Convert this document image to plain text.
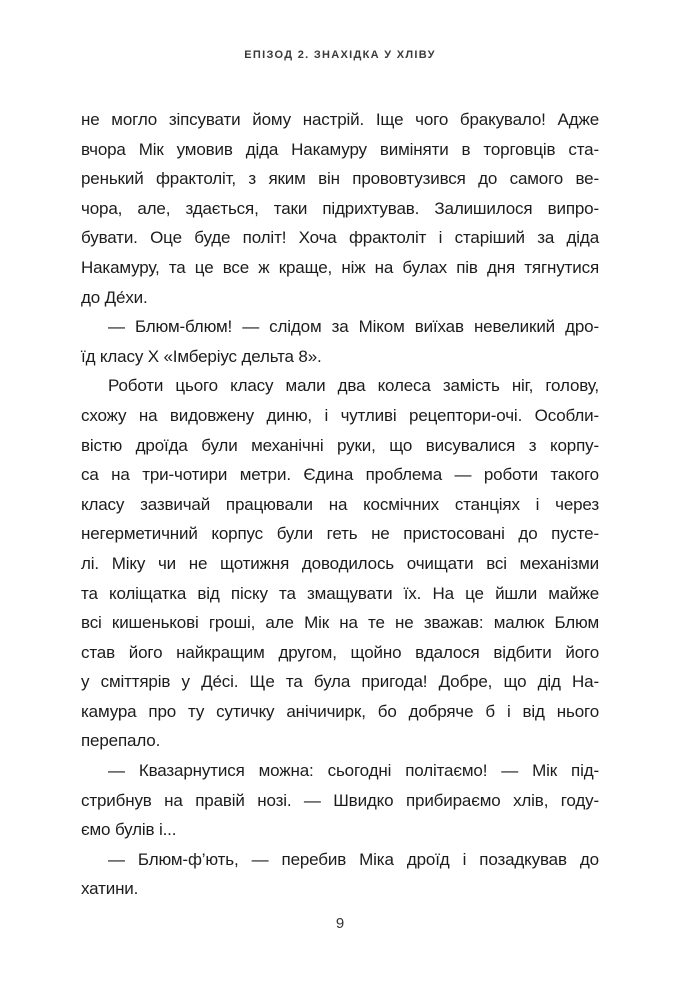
ЕПІЗОД 2. ЗНАХІДКА У ХЛІВУ
не могло зіпсувати йому настрій. Іще чого бракувало! Адже
вчора Мік умовив діда Накамуру виміняти в торговців ста-
ренький фрактоліт, з яким він прововтузився до самого ве-
чора, але, здається, таки підрихтував. Залишилося випро-
бувати. Оце буде політ! Хоча фрактоліт і старіший за діда
Накамуру, та це все ж краще, ніж на булах пів дня тягнутися
до Де́хи.
— Блюм-блюм! — слідом за Міком виїхав невеликий дро-
їд класу Х «Імберіус дельта 8».
Роботи цього класу мали два колеса замість ніг, голову,
схожу на видовжену диню, і чутливі рецептори-очі. Особли-
вістю дроїда були механічні руки, що висувалися з корпу-
са на три-чотири метри. Єдина проблема — роботи такого
класу зазвичай працювали на космічних станціях і через
негерметичний корпус були геть не пристосовані до пусте-
лі. Міку чи не щотижня доводилось очищати всі механізми
та коліщатка від піску та змащувати їх. На це йшли майже
всі кишенькові гроші, але Мік на те не зважав: малюк Блюм
став його найкращим другом, щойно вдалося відбити його
у сміттярів у Де́сі. Ще та була пригода! Добре, що дід На-
камура про ту сутичку анічичирк, бо добряче б і від нього
перепало.
— Квазарнутися можна: сьогодні політаємо! — Мік під-
стрибнув на правій нозі. — Швидко прибираємо хлів, году-
ємо булів і...
— Блюм-ф’ють, — перебив Міка дроїд і позадкував до
хатини.
9
